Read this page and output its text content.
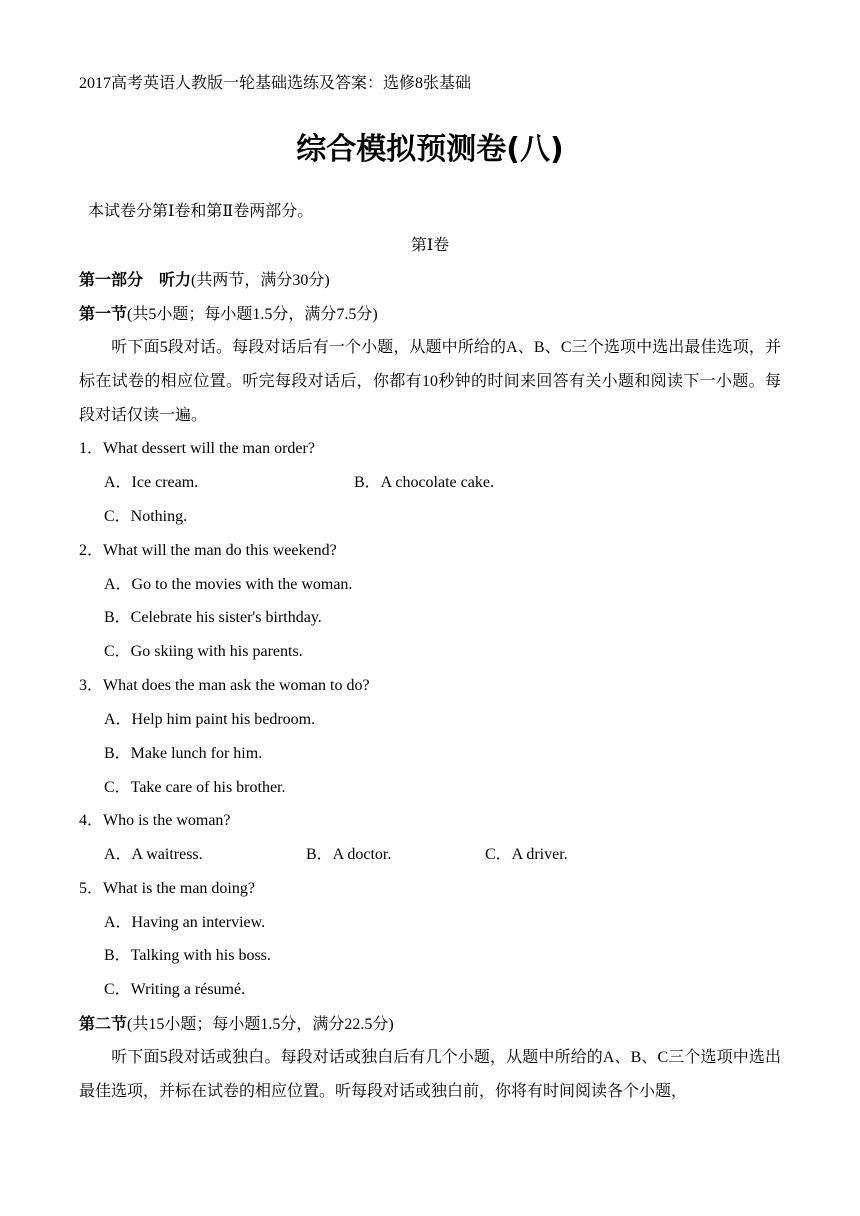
2017高考英语人教版一轮基础选练及答案：选修8张基础
综合模拟预测卷(八)
本试卷分第Ⅰ卷和第Ⅱ卷两部分。
第Ⅰ卷
第一部分　听力(共两节，满分30分)
第一节(共5小题；每小题1.5分，满分7.5分)
　　听下面5段对话。每段对话后有一个小题，从题中所给的A、B、C三个选项中选出最佳选项，并标在试卷的相应位置。听完每段对话后，你都有10秒钟的时间来回答有关小题和阅读下一小题。每段对话仅读一遍。
1．What dessert will the man order?
A．Ice cream.	B．A chocolate cake.
C．Nothing.
2．What will the man do this weekend?
A．Go to the movies with the woman.
B．Celebrate his sister's birthday.
C．Go skiing with his parents.
3．What does the man ask the woman to do?
A．Help him paint his bedroom.
B．Make lunch for him.
C．Take care of his brother.
4．Who is the woman?
A．A waitress.	B．A doctor.	C．A driver.
5．What is the man doing?
A．Having an interview.
B．Talking with his boss.
C．Writing a résumé.
第二节(共15小题；每小题1.5分，满分22.5分)
　　听下面5段对话或独白。每段对话或独白后有几个小题，从题中所给的A、B、C三个选项中选出最佳选项，并标在试卷的相应位置。听每段对话或独白前，你将有时间阅读各个小题，
